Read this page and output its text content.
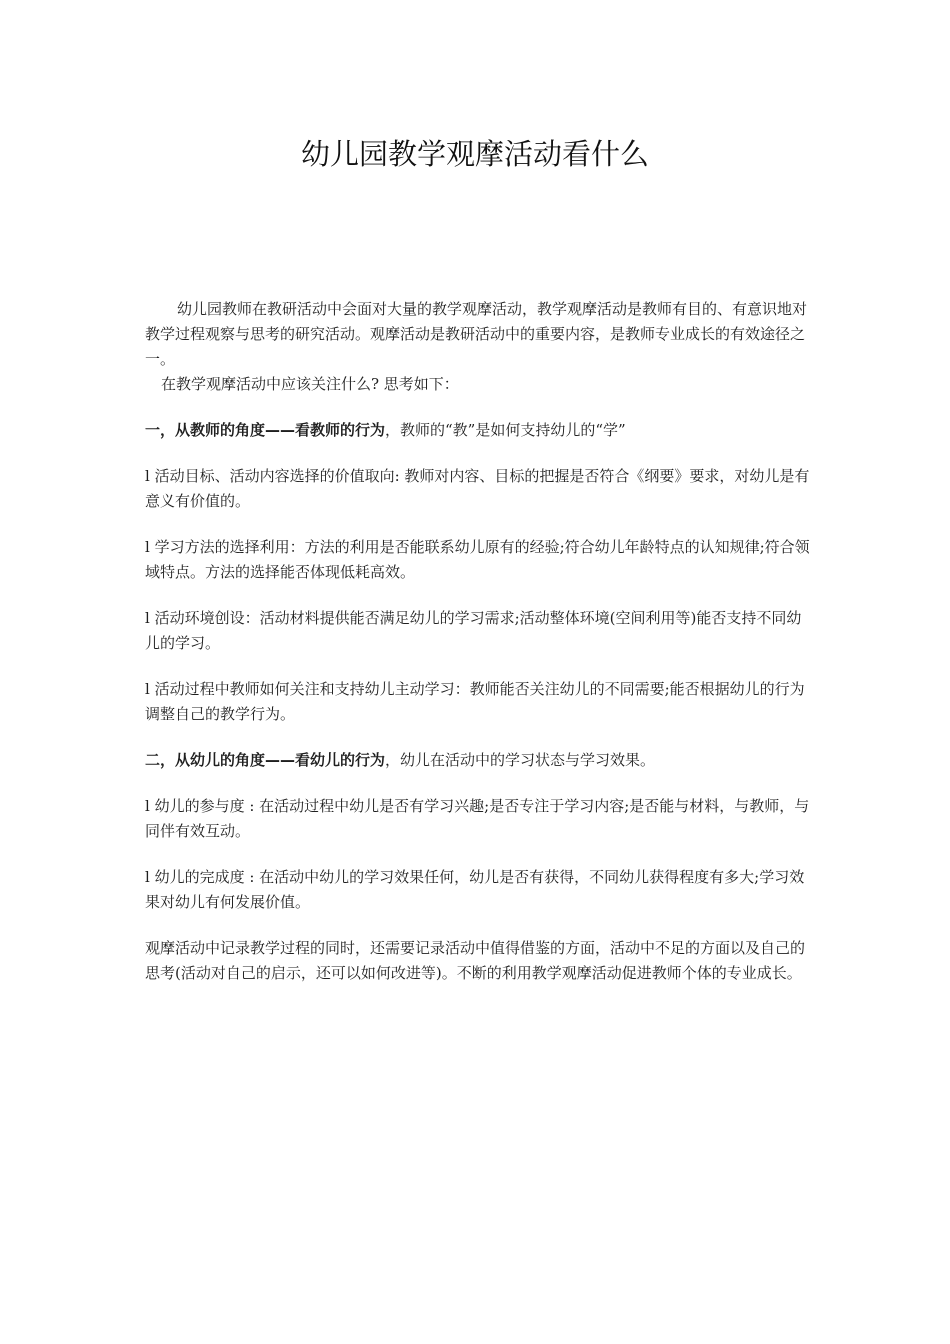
幼儿园教学观摩活动看什么

幼儿园教师在教研活动中会面对大量的教学观摩活动，教学观摩活动是教师有目的、有意识地对教学过程观察与思考的研究活动。观摩活动是教研活动中的重要内容，是教师专业成长的有效途径之一。

在教学观摩活动中应该关注什么? 思考如下：

一，从教师的角度——看教师的行为，教师的“教”是如何支持幼儿的“学”

l 活动目标、活动内容选择的价值取向: 教师对内容、目标的把握是否符合《纲要》要求，对幼儿是有意义有价值的。

l 学习方法的选择利用：方法的利用是否能联系幼儿原有的经验;符合幼儿年龄特点的认知规律;符合领域特点。方法的选择能否体现低耗高效。

l 活动环境创设：活动材料提供能否满足幼儿的学习需求;活动整体环境(空间利用等)能否支持不同幼儿的学习。

l 活动过程中教师如何关注和支持幼儿主动学习：教师能否关注幼儿的不同需要;能否根据幼儿的行为调整自己的教学行为。

二，从幼儿的角度——看幼儿的行为，幼儿在活动中的学习状态与学习效果。

l 幼儿的参与度 : 在活动过程中幼儿是否有学习兴趣;是否专注于学习内容;是否能与材料，与教师，与同伴有效互动。

l 幼儿的完成度 : 在活动中幼儿的学习效果任何，幼儿是否有获得，不同幼儿获得程度有多大;学习效果对幼儿有何发展价值。

观摩活动中记录教学过程的同时，还需要记录活动中值得借鉴的方面，活动中不足的方面以及自己的思考(活动对自己的启示，还可以如何改进等)。不断的利用教学观摩活动促进教师个体的专业成长。
